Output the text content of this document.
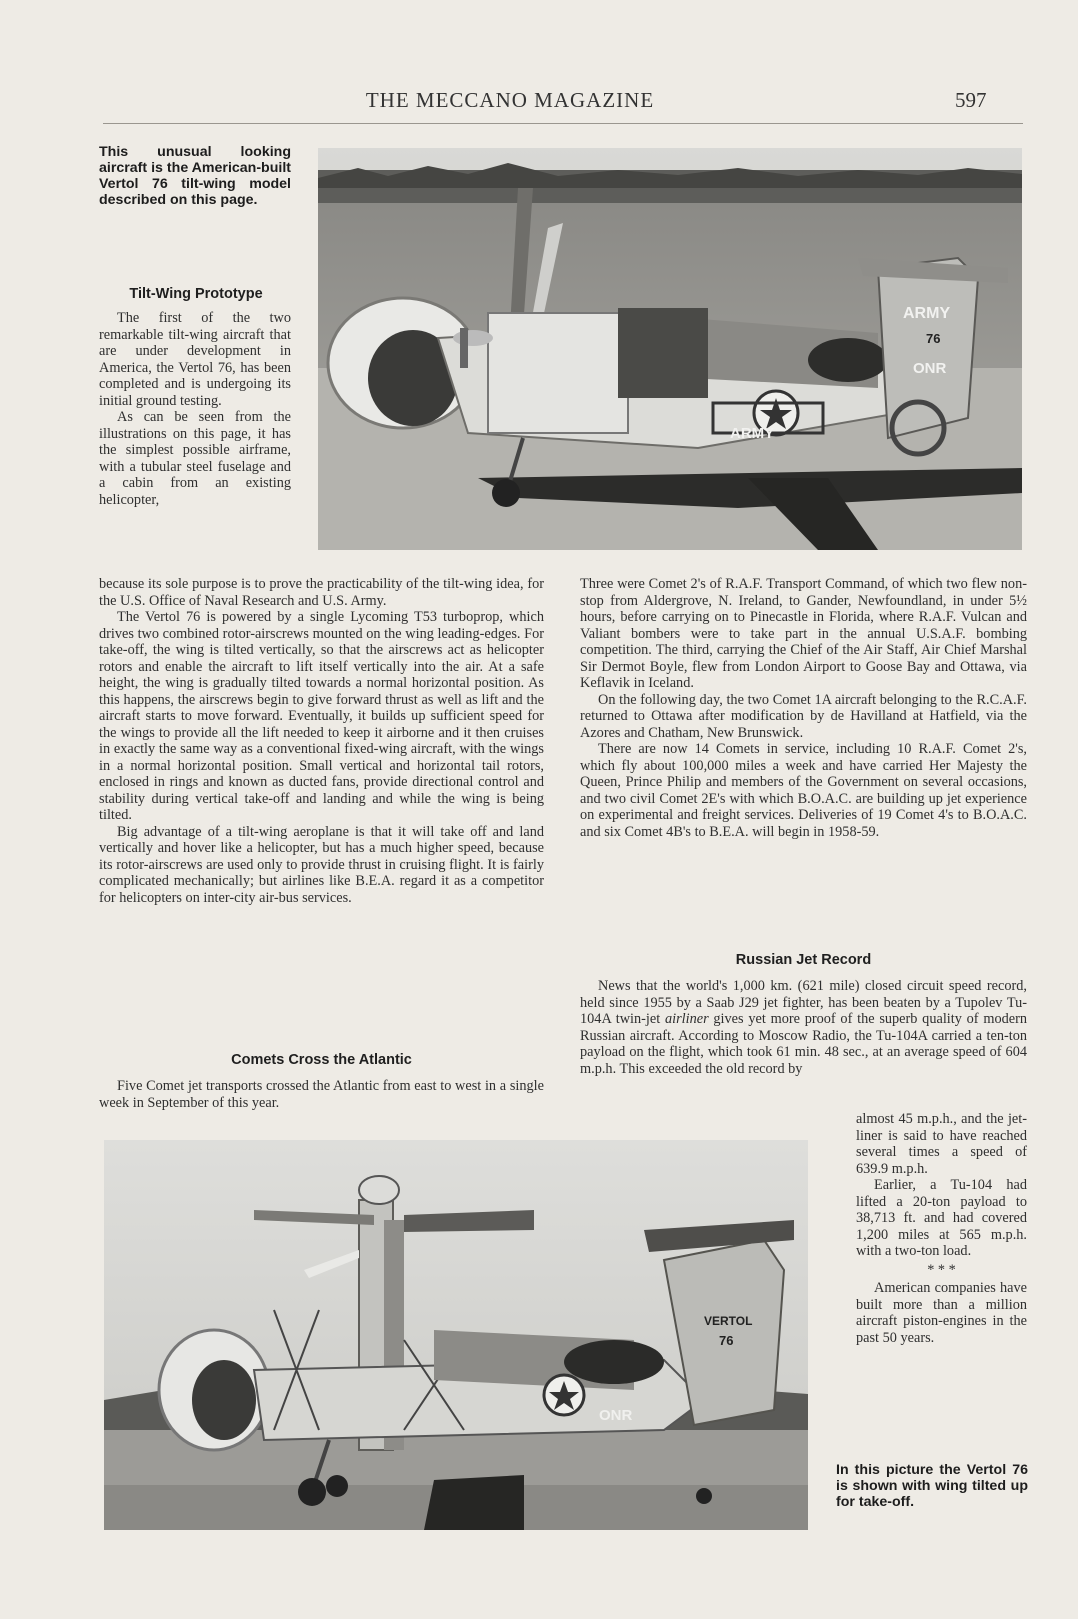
THE MECCANO MAGAZINE	597
ARMY
ARMY
ONR
76
This unusual looking aircraft is the American-built Vertol 76 tilt-wing model described on this page.
Tilt-Wing Prototype

The first of the two remarkable tilt-wing aircraft that are under development in America, the Vertol 76, has been completed and is undergoing its initial ground testing.

As can be seen from the illustrations on this page, it has the simplest possible airframe, with a tubular steel fuselage and a cabin from an existing helicopter,

because its sole purpose is to prove the practicability of the tilt-wing idea, for the U.S. Office of Naval Research and U.S. Army.

The Vertol 76 is powered by a single Lycoming T53 turboprop, which drives two combined rotor-airscrews mounted on the wing leading-edges. For take-off, the wing is tilted vertically, so that the airscrews act as helicopter rotors and enable the aircraft to lift itself vertically into the air. At a safe height, the wing is gradually tilted towards a normal horizontal position. As this happens, the airscrews begin to give forward thrust as well as lift and the aircraft starts to move forward. Eventually, it builds up sufficient speed for the wings to provide all the lift needed to keep it airborne and it then cruises in exactly the same way as a conventional fixed-wing aircraft, with the wings in a normal horizontal position. Small vertical and horizontal tail rotors, enclosed in rings and known as ducted fans, provide directional control and stability during vertical take-off and landing and while the wing is being tilted.

Big advantage of a tilt-wing aeroplane is that it will take off and land vertically and hover like a helicopter, but has a much higher speed, because its rotor-airscrews are used only to provide thrust in cruising flight. It is fairly complicated mechanically; but airlines like B.E.A. regard it as a competitor for helicopters on inter-city air-bus services.

Comets Cross the Atlantic

Five Comet jet transports crossed the Atlantic from east to west in a single week in September of this year.

Three were Comet 2's of R.A.F. Transport Command, of which two flew non-stop from Aldergrove, N. Ireland, to Gander, Newfoundland, in under 5½ hours, before carrying on to Pinecastle in Florida, where R.A.F. Vulcan and Valiant bombers were to take part in the annual U.S.A.F. bombing competition. The third, carrying the Chief of the Air Staff, Air Chief Marshal Sir Dermot Boyle, flew from London Airport to Goose Bay and Ottawa, via Keflavik in Iceland.

On the following day, the two Comet 1A aircraft belonging to the R.C.A.F. returned to Ottawa after modification by de Havilland at Hatfield, via the Azores and Chatham, New Brunswick.

There are now 14 Comets in service, including 10 R.A.F. Comet 2's, which fly about 100,000 miles a week and have carried Her Majesty the Queen, Prince Philip and members of the Government on several occasions, and two civil Comet 2E's with which B.O.A.C. are building up jet experience on experimental and freight services. Deliveries of 19 Comet 4's to B.O.A.C. and six Comet 4B's to B.E.A. will begin in 1958-59.

Russian Jet Record

News that the world's 1,000 km. (621 mile) closed circuit speed record, held since 1955 by a Saab J29 jet fighter, has been beaten by a Tupolev Tu-104A twin-jet airliner gives yet more proof of the superb quality of modern Russian aircraft. According to Moscow Radio, the Tu-104A carried a ten-ton payload on the flight, which took 61 min. 48 sec., at an average speed of 604 m.p.h. This exceeded the old record by

almost 45 m.p.h., and the jet-liner is said to have reached several times a speed of 639.9 m.p.h.

Earlier, a Tu-104 had lifted a 20-ton payload to 38,713 ft. and had covered 1,200 miles at 565 m.p.h. with a two-ton load.

* * *

American companies have built more than a million aircraft piston-engines in the past 50 years.

ONR
VERTOL
76
In this picture the Vertol 76 is shown with wing tilted up for take-off.
